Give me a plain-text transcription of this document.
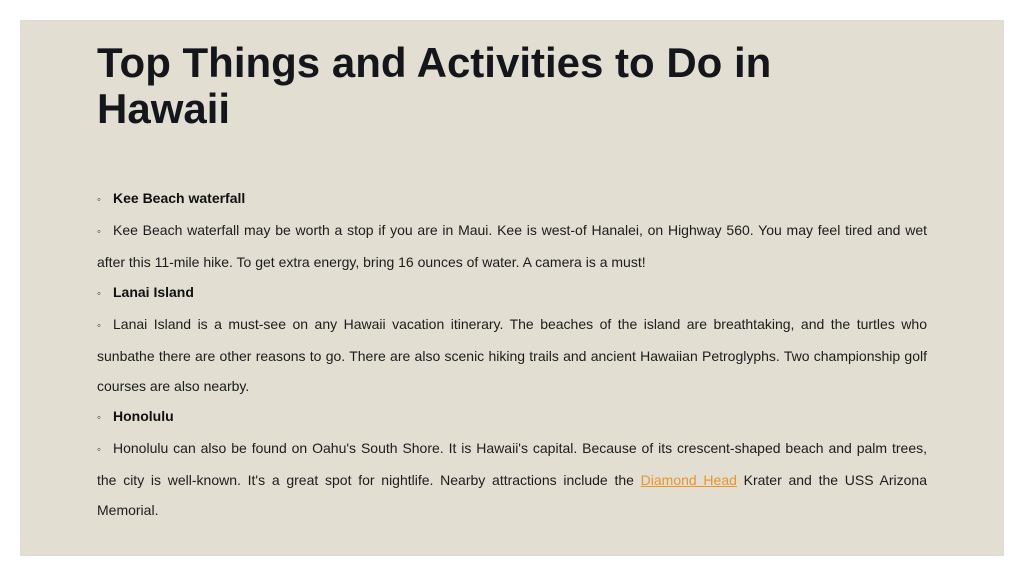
Top Things and Activities to Do in Hawaii

◦ Kee Beach waterfall

◦ Kee Beach waterfall may be worth a stop if you are in Maui. Kee is west-of Hanalei, on Highway 560. You may feel tired and wet after this 11-mile hike. To get extra energy, bring 16 ounces of water. A camera is a must!

◦ Lanai Island

◦ Lanai Island is a must-see on any Hawaii vacation itinerary. The beaches of the island are breathtaking, and the turtles who sunbathe there are other reasons to go. There are also scenic hiking trails and ancient Hawaiian Petroglyphs. Two championship golf courses are also nearby.

◦ Honolulu

◦ Honolulu can also be found on Oahu's South Shore. It is Hawaii's capital. Because of its crescent-shaped beach and palm trees, the city is well-known. It's a great spot for nightlife. Nearby attractions include the Diamond Head Krater and the USS Arizona Memorial.
